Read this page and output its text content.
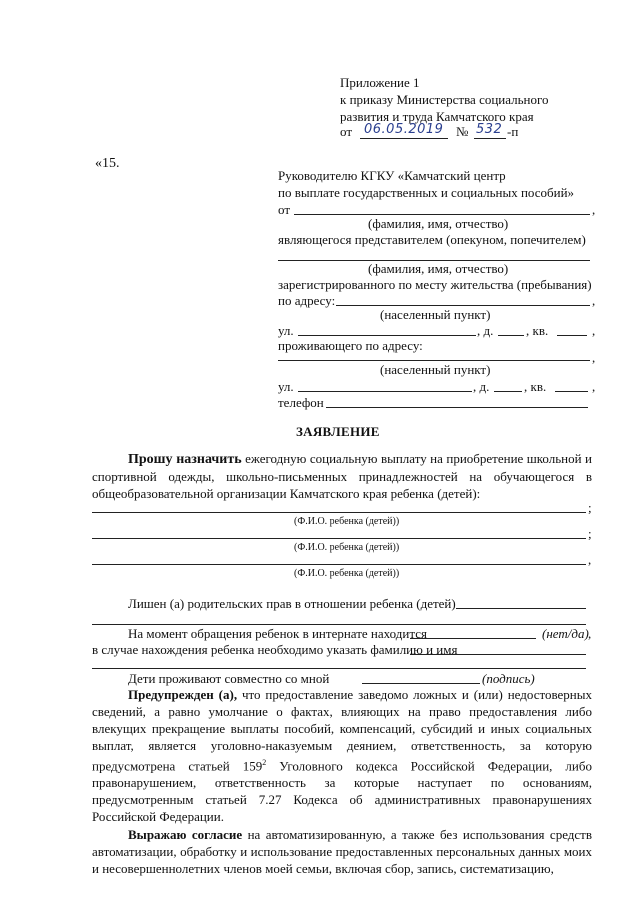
Приложение 1
к приказу Министерства социального
развития и труда Камчатского края
от 06.05.2019 № 532 -п
«15.
Руководителю КГКУ «Камчатский центр
по выплате государственных и социальных пособий»
от	,
(фамилия, имя, отчество)
являющегося представителем (опекуном, попечителем)
(фамилия, имя, отчество)
зарегистрированного по месту жительства (пребывания)
по адресу:	,
(населенный пункт)
ул.	, д.	, кв.	,
проживающего по адресу:
,
(населенный пункт)
ул.	, д.	, кв.	,
телефон
ЗАЯВЛЕНИЕ
Прошу назначить ежегодную социальную выплату на приобретение школьной и спортивной одежды, школьно-письменных принадлежностей на обучающегося в общеобразовательной организации Камчатского края ребенка (детей):
;
(Ф.И.О. ребенка (детей))
;
(Ф.И.О. ребенка (детей))
,
(Ф.И.О. ребенка (детей))
Лишен (а) родительских прав в отношении ребенка (детей)
На момент обращения ребенок в интернате находится	(нет/да) ,
в случае нахождения ребенка необходимо указать фамилию и имя
Дети проживают совместно со мной	(подпись)
Предупрежден (а), что предоставление заведомо ложных и (или) недостоверных сведений, а равно умолчание о фактах, влияющих на право предоставления либо влекущих прекращение выплаты пособий, компенсаций, субсидий и иных социальных выплат, является уголовно-наказуемым деянием, ответственность, за которую предусмотрена статьей $159^2$ Уголовного кодекса Российской Федерации, либо правонарушением, ответственность за которые наступает по основаниям, предусмотренным статьей 7.27 Кодекса об административных правонарушениях Российской Федерации.
Выражаю согласие на автоматизированную, а также без использования средств автоматизации, обработку и использование предоставленных персональных данных моих и несовершеннолетних членов моей семьи, включая сбор, запись, систематизацию,
